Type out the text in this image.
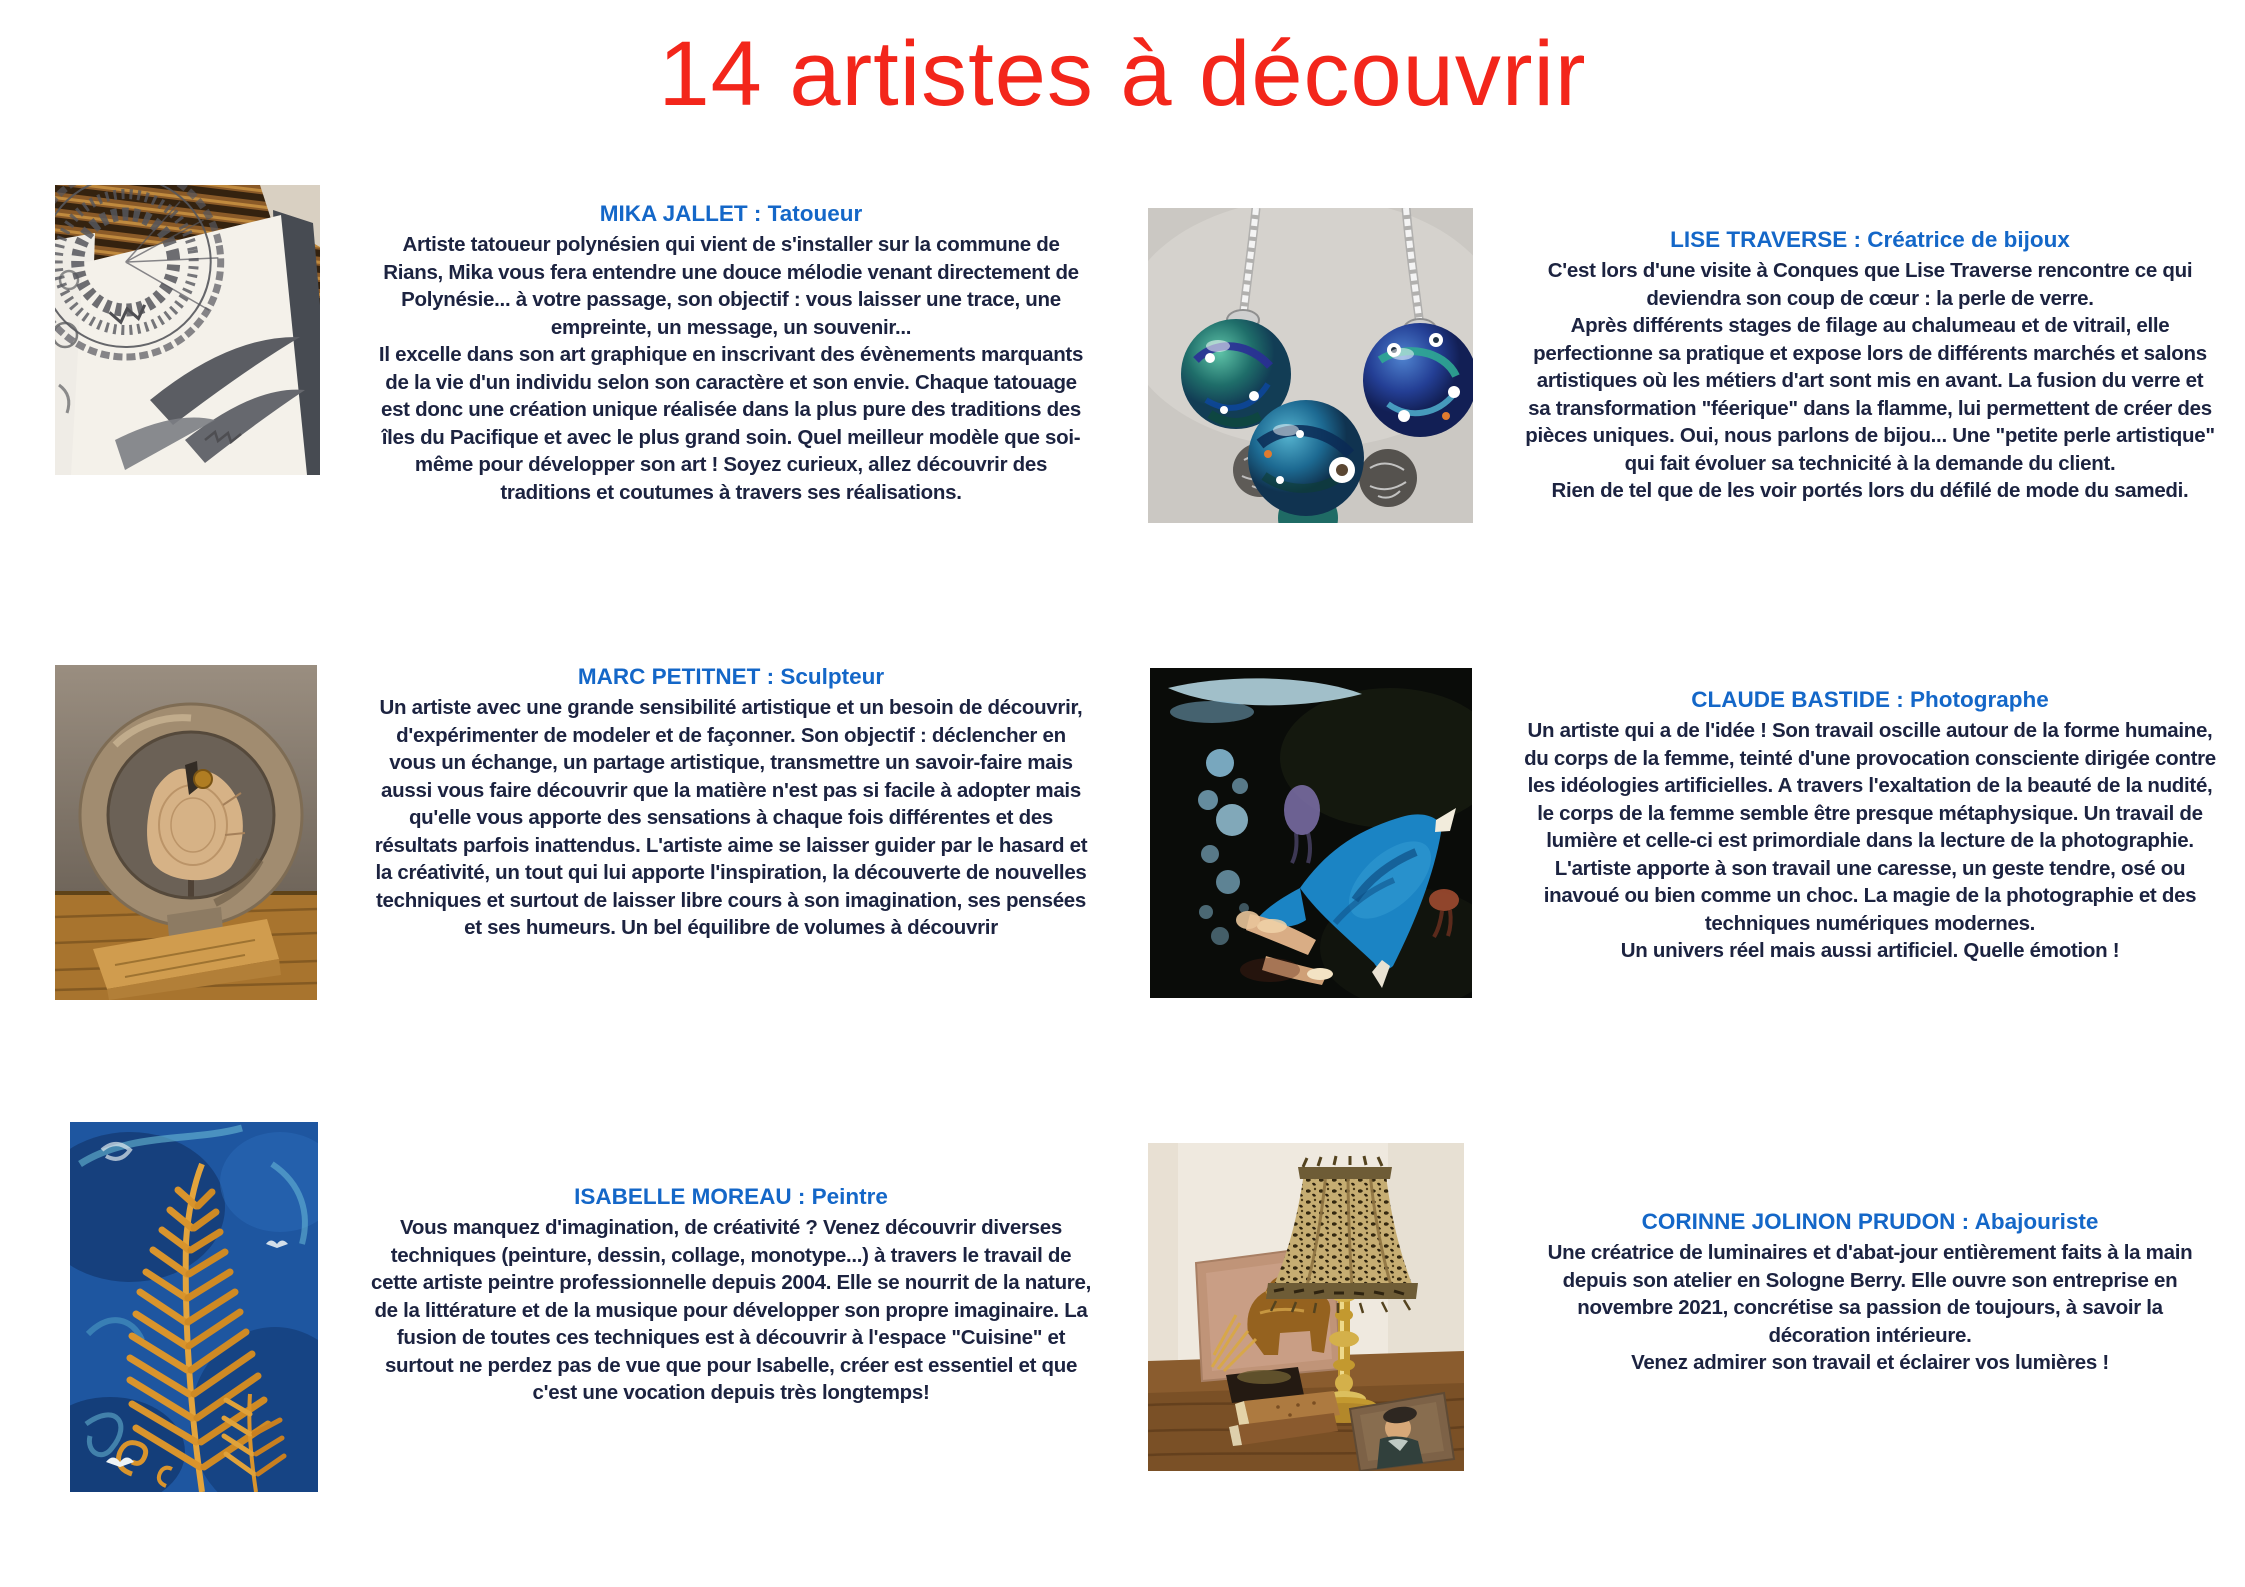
14 artistes à découvrir
MIKA JALLET : Tatoueur
Artiste tatoueur polynésien qui vient de s'installer sur la commune de Rians, Mika vous fera entendre une douce mélodie venant directement de Polynésie... à votre passage, son objectif : vous laisser une trace, une empreinte, un message, un souvenir...
Il excelle dans son art graphique en inscrivant des évènements marquants de la vie d'un individu selon son caractère et son envie. Chaque tatouage est donc une création unique réalisée dans la plus pure des traditions des îles du Pacifique et avec le plus grand soin. Quel meilleur modèle que soi-même pour développer son art ! Soyez curieux, allez découvrir des traditions et coutumes à travers ses réalisations.
LISE TRAVERSE : Créatrice de bijoux
C'est lors d'une visite à Conques que Lise Traverse rencontre ce qui deviendra son coup de cœur : la perle de verre.
Après différents stages de filage au chalumeau et de vitrail, elle perfectionne sa pratique et expose lors de différents marchés et salons artistiques où les métiers d'art sont mis en avant. La fusion du verre et sa transformation "féerique" dans la flamme, lui permettent de créer des pièces uniques. Oui, nous parlons de bijou... Une "petite perle artistique" qui fait évoluer sa technicité à la demande du client.
Rien de tel que de les voir portés lors du défilé de mode du samedi.
MARC PETITNET : Sculpteur
Un artiste avec une grande sensibilité artistique et un besoin de découvrir, d'expérimenter de modeler et de façonner. Son objectif : déclencher en vous un échange, un partage artistique, transmettre un savoir-faire mais aussi vous faire découvrir que la matière n'est pas si facile à adopter mais qu'elle vous apporte des sensations à chaque fois différentes et des résultats parfois inattendus. L'artiste aime se laisser guider par le hasard et la créativité, un tout qui lui apporte l'inspiration, la découverte de nouvelles techniques et surtout de laisser libre cours à son imagination, ses pensées et ses humeurs. Un bel équilibre de volumes à découvrir
CLAUDE BASTIDE : Photographe
Un artiste qui a de l'idée ! Son travail oscille autour de la forme humaine, du corps de la femme, teinté d'une provocation consciente dirigée contre les idéologies artificielles. A travers l'exaltation de la beauté de la nudité, le corps de la femme semble être presque métaphysique. Un travail de lumière et celle-ci est primordiale dans la lecture de la photographie. L'artiste apporte à son travail une caresse, un geste tendre, osé ou inavoué ou bien comme un choc. La magie de la photographie et des techniques numériques modernes.
Un univers réel mais aussi artificiel. Quelle émotion !
ISABELLE MOREAU : Peintre
Vous manquez d'imagination, de créativité ? Venez découvrir diverses techniques (peinture, dessin, collage, monotype...) à travers le travail de cette artiste peintre professionnelle depuis 2004. Elle se nourrit de la nature, de la littérature et de la musique pour développer son propre imaginaire. La fusion de toutes ces techniques est à découvrir à l'espace "Cuisine" et surtout ne perdez pas de vue que pour Isabelle, créer est essentiel et que c'est une vocation depuis très longtemps!
CORINNE JOLINON PRUDON : Abajouriste
Une créatrice de luminaires et d'abat-jour entièrement faits à la main depuis son atelier en Sologne Berry. Elle ouvre son entreprise en novembre 2021, concrétise sa passion de toujours, à savoir la décoration intérieure.
Venez admirer son travail et éclairer vos lumières !
